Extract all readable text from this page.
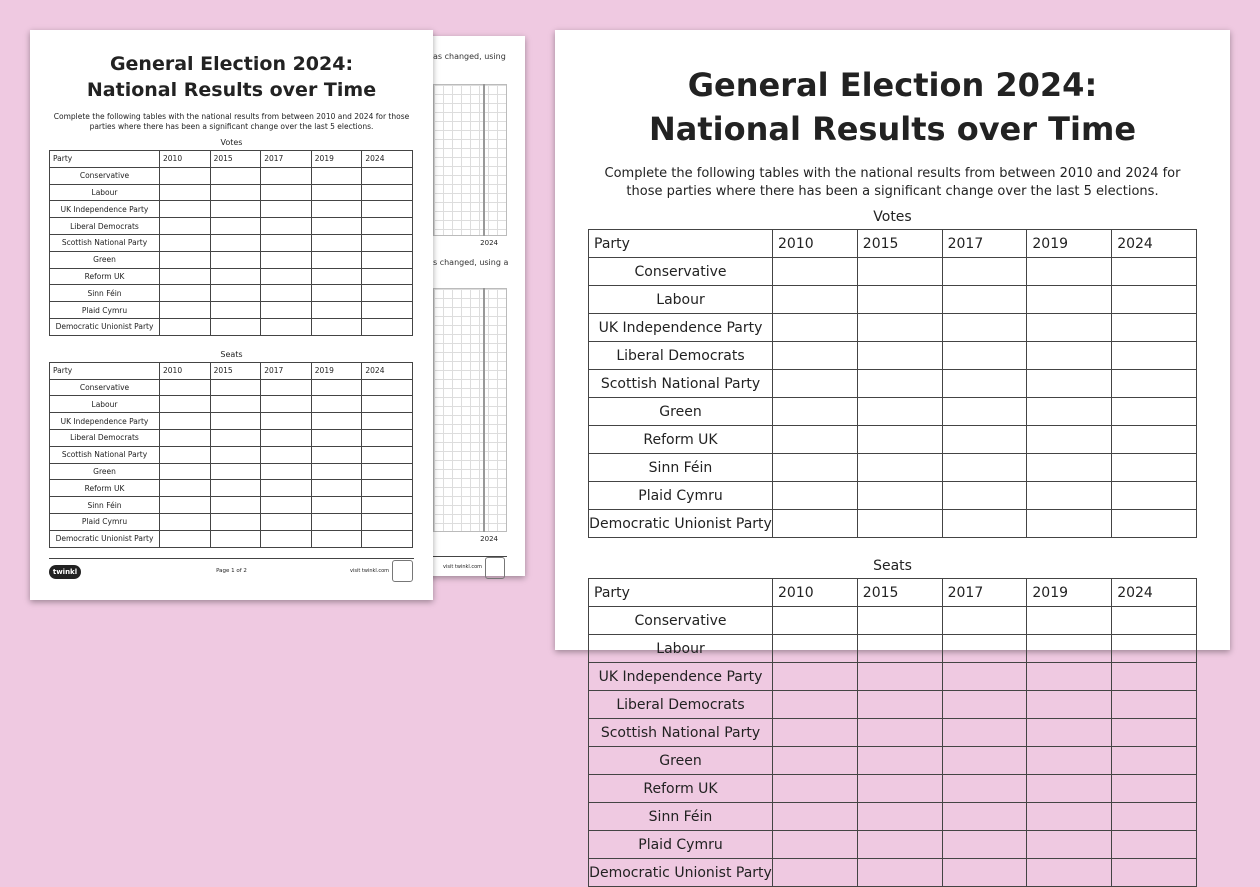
as changed, using
2024
s changed, using a
2024
visit twinkl.com
General Election 2024:
National Results over Time
Complete the following tables with the national results from between 2010 and 2024 for those parties where there has been a significant change over the last 5 elections.
Votes
Party	2010	2015	2017	2019	2024
Conservative					
Labour					
UK Independence Party					
Liberal Democrats					
Scottish National Party					
Green					
Reform UK					
Sinn Féin					
Plaid Cymru					
Democratic Unionist Party					
Seats
Party	2010	2015	2017	2019	2024
Conservative					
Labour					
UK Independence Party					
Liberal Democrats					
Scottish National Party					
Green					
Reform UK					
Sinn Féin					
Plaid Cymru					
Democratic Unionist Party					
twinkl	Page 1 of 2	visit twinkl.com
General Election 2024:
National Results over Time
Complete the following tables with the national results from between 2010 and 2024 for those parties where there has been a significant change over the last 5 elections.
Votes
Party	2010	2015	2017	2019	2024
Conservative					
Labour					
UK Independence Party					
Liberal Democrats					
Scottish National Party					
Green					
Reform UK					
Sinn Féin					
Plaid Cymru					
Democratic Unionist Party					
Seats
Party	2010	2015	2017	2019	2024
Conservative					
Labour					
UK Independence Party					
Liberal Democrats					
Scottish National Party					
Green					
Reform UK					
Sinn Féin					
Plaid Cymru					
Democratic Unionist Party					
